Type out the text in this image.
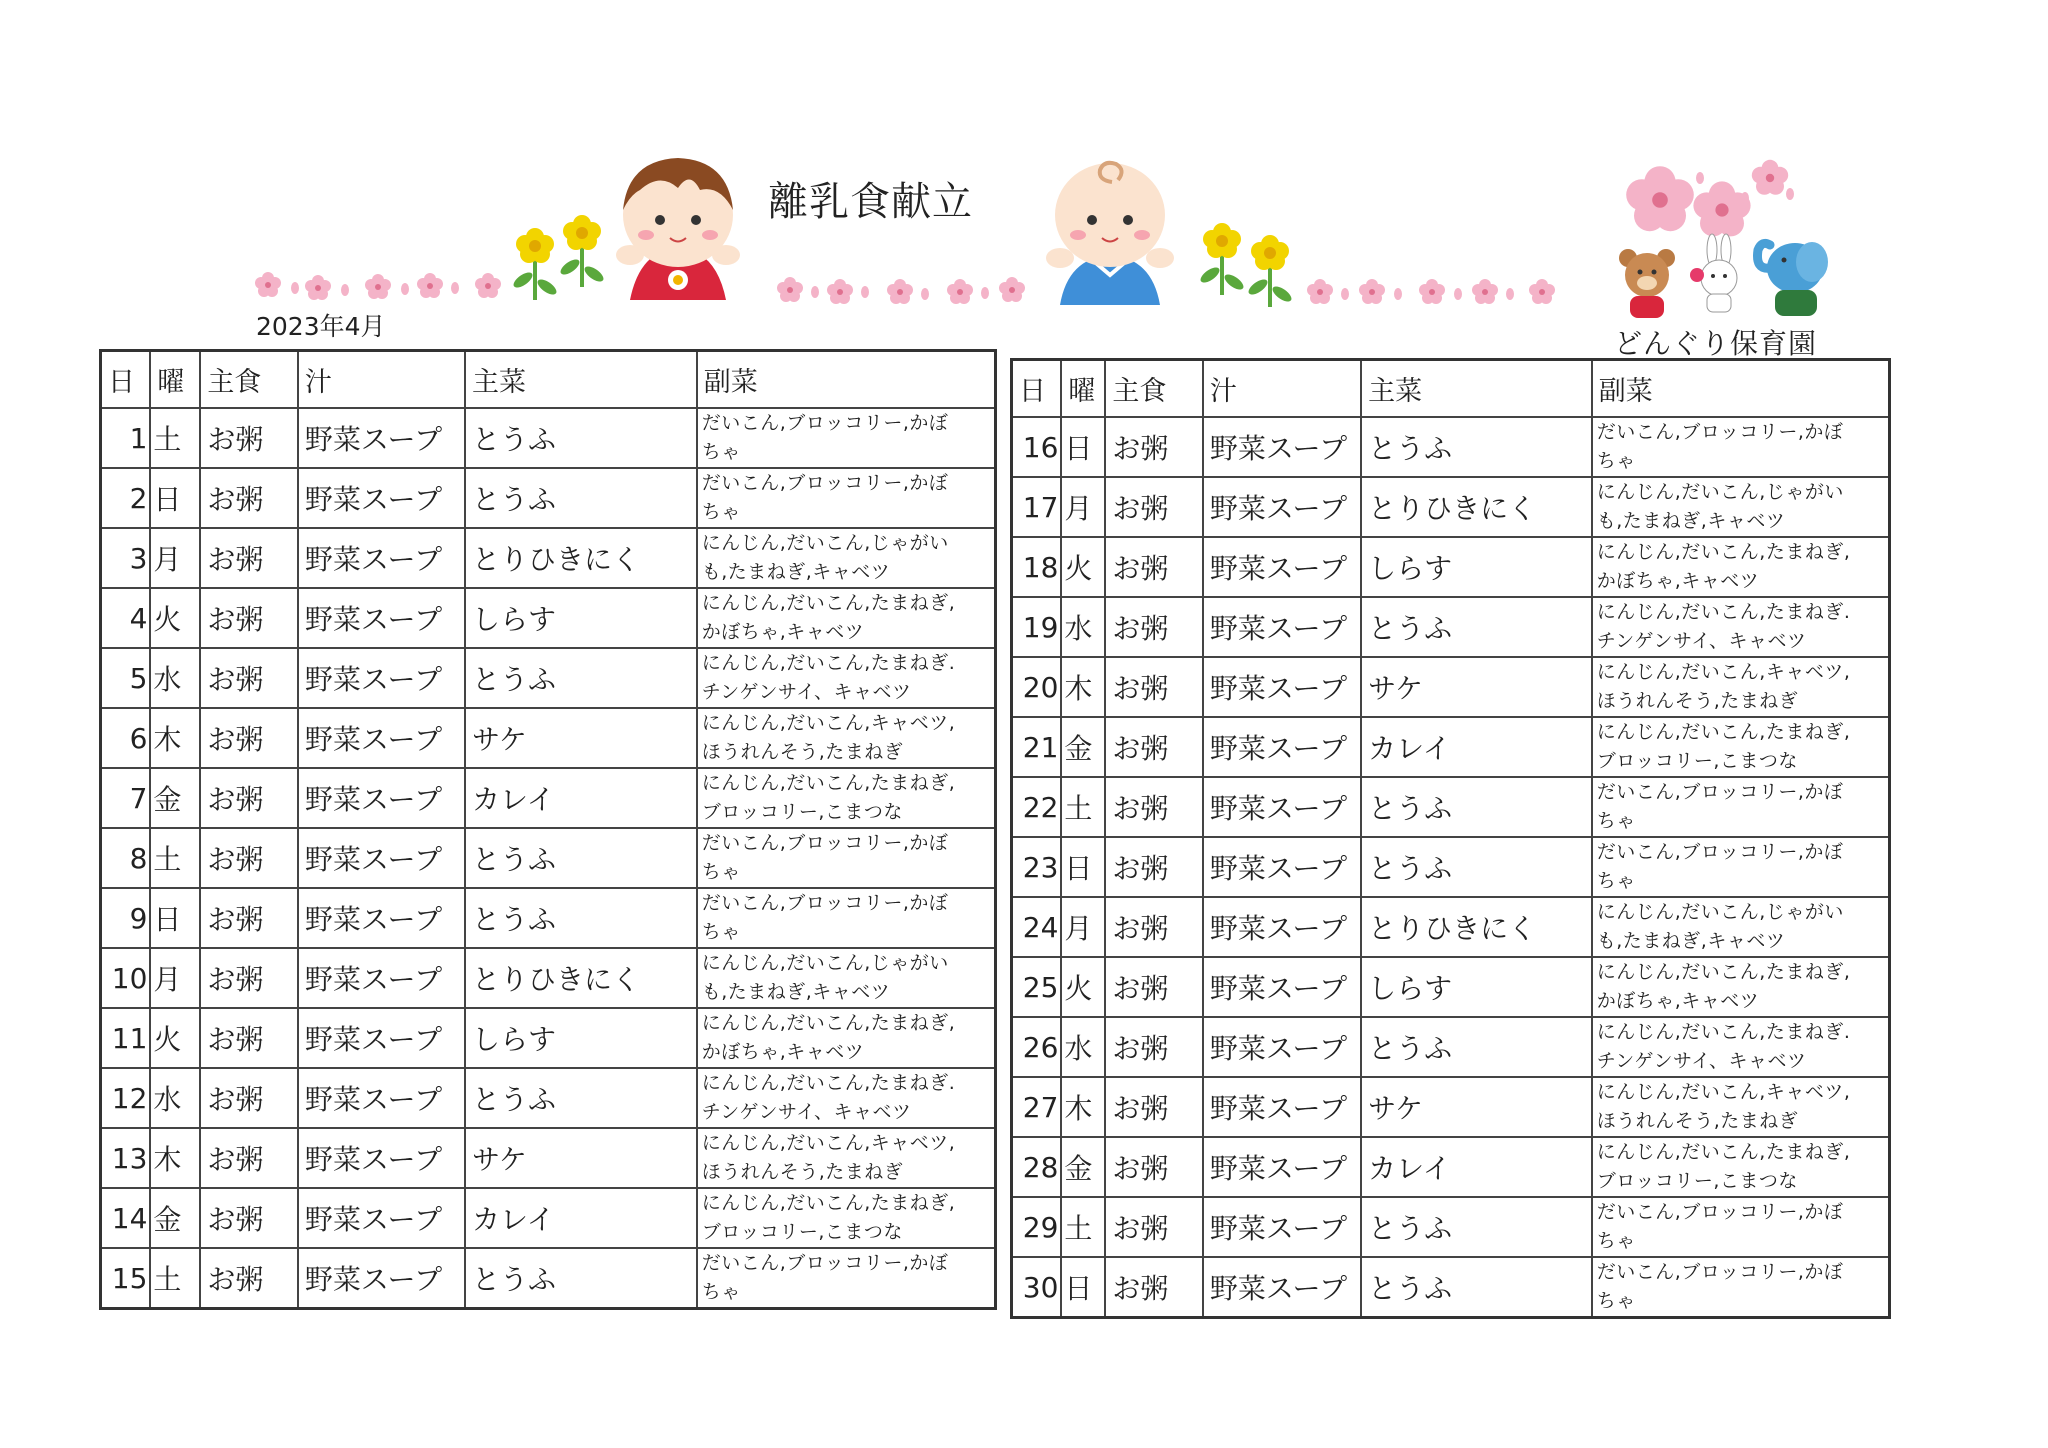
離乳食献立
2023年4月
どんぐり保育園
日	曜	主食	汁	主菜	副菜
1	土	お粥	野菜スープ	とうふ	だいこん,ブロッコリー,かぼ
ちゃ

2	日	お粥	野菜スープ	とうふ	だいこん,ブロッコリー,かぼ
ちゃ

3	月	お粥	野菜スープ	とりひきにく	にんじん,だいこん,じゃがい
も,たまねぎ,キャベツ

4	火	お粥	野菜スープ	しらす	にんじん,だいこん,たまねぎ,
かぼちゃ,キャベツ

5	水	お粥	野菜スープ	とうふ	にんじん,だいこん,たまねぎ.
チンゲンサイ、キャベツ

6	木	お粥	野菜スープ	サケ	にんじん,だいこん,キャベツ,
ほうれんそう,たまねぎ

7	金	お粥	野菜スープ	カレイ	にんじん,だいこん,たまねぎ,
ブロッコリー,こまつな

8	土	お粥	野菜スープ	とうふ	だいこん,ブロッコリー,かぼ
ちゃ

9	日	お粥	野菜スープ	とうふ	だいこん,ブロッコリー,かぼ
ちゃ

10	月	お粥	野菜スープ	とりひきにく	にんじん,だいこん,じゃがい
も,たまねぎ,キャベツ

11	火	お粥	野菜スープ	しらす	にんじん,だいこん,たまねぎ,
かぼちゃ,キャベツ

12	水	お粥	野菜スープ	とうふ	にんじん,だいこん,たまねぎ.
チンゲンサイ、キャベツ

13	木	お粥	野菜スープ	サケ	にんじん,だいこん,キャベツ,
ほうれんそう,たまねぎ

14	金	お粥	野菜スープ	カレイ	にんじん,だいこん,たまねぎ,
ブロッコリー,こまつな

15	土	お粥	野菜スープ	とうふ	だいこん,ブロッコリー,かぼ
ちゃ
日	曜	主食	汁	主菜	副菜
16	日	お粥	野菜スープ	とうふ	だいこん,ブロッコリー,かぼ
ちゃ

17	月	お粥	野菜スープ	とりひきにく	にんじん,だいこん,じゃがい
も,たまねぎ,キャベツ

18	火	お粥	野菜スープ	しらす	にんじん,だいこん,たまねぎ,
かぼちゃ,キャベツ

19	水	お粥	野菜スープ	とうふ	にんじん,だいこん,たまねぎ.
チンゲンサイ、キャベツ

20	木	お粥	野菜スープ	サケ	にんじん,だいこん,キャベツ,
ほうれんそう,たまねぎ

21	金	お粥	野菜スープ	カレイ	にんじん,だいこん,たまねぎ,
ブロッコリー,こまつな

22	土	お粥	野菜スープ	とうふ	だいこん,ブロッコリー,かぼ
ちゃ

23	日	お粥	野菜スープ	とうふ	だいこん,ブロッコリー,かぼ
ちゃ

24	月	お粥	野菜スープ	とりひきにく	にんじん,だいこん,じゃがい
も,たまねぎ,キャベツ

25	火	お粥	野菜スープ	しらす	にんじん,だいこん,たまねぎ,
かぼちゃ,キャベツ

26	水	お粥	野菜スープ	とうふ	にんじん,だいこん,たまねぎ.
チンゲンサイ、キャベツ

27	木	お粥	野菜スープ	サケ	にんじん,だいこん,キャベツ,
ほうれんそう,たまねぎ

28	金	お粥	野菜スープ	カレイ	にんじん,だいこん,たまねぎ,
ブロッコリー,こまつな

29	土	お粥	野菜スープ	とうふ	だいこん,ブロッコリー,かぼ
ちゃ

30	日	お粥	野菜スープ	とうふ	だいこん,ブロッコリー,かぼ
ちゃ
